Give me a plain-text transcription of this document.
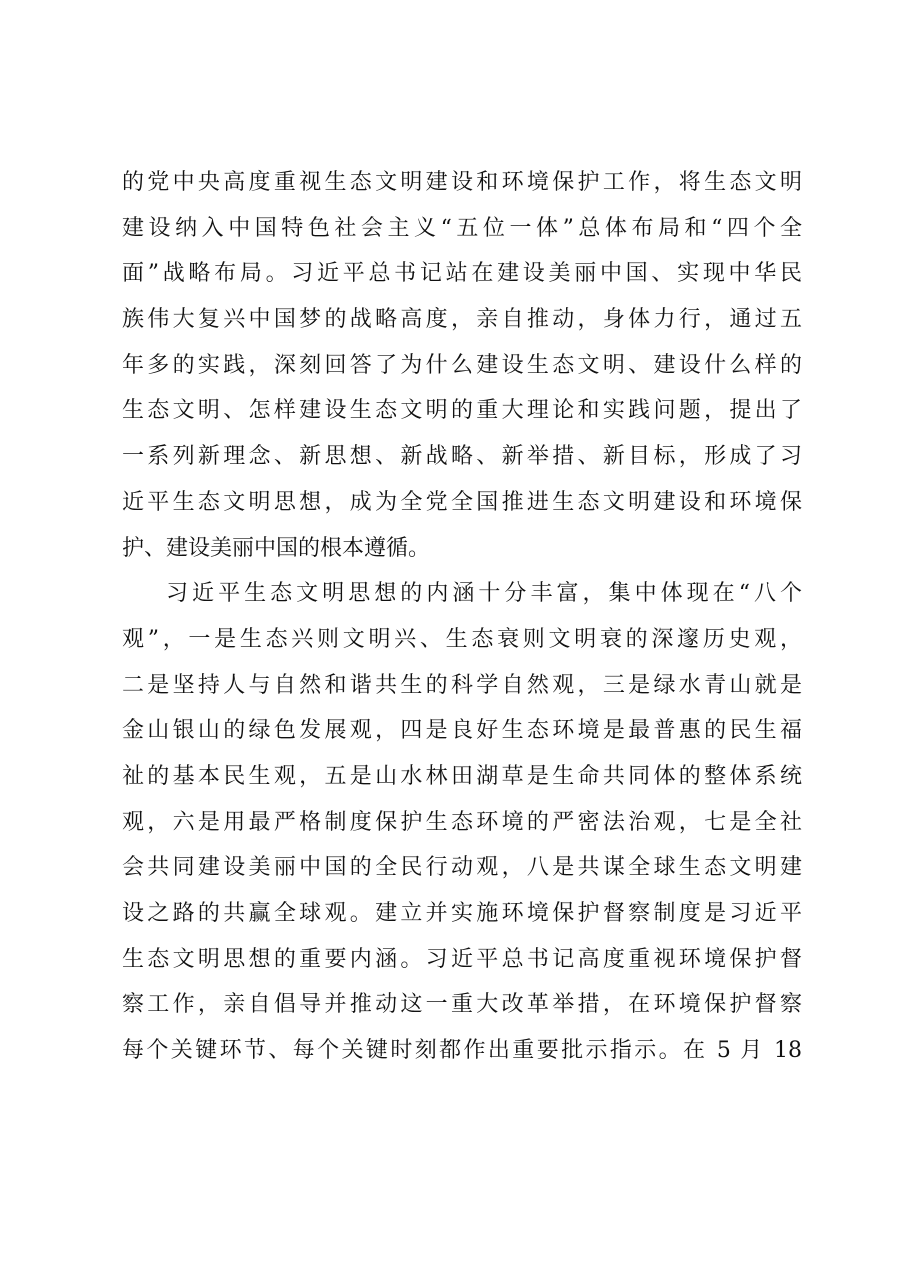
的党中央高度重视生态文明建设和环境保护工作，将生态文明
建设纳入中国特色社会主义“五位一体”总体布局和“四个全
面”战略布局。习近平总书记站在建设美丽中国、实现中华民
族伟大复兴中国梦的战略高度，亲自推动，身体力行，通过五
年多的实践，深刻回答了为什么建设生态文明、建设什么样的
生态文明、怎样建设生态文明的重大理论和实践问题，提出了
一系列新理念、新思想、新战略、新举措、新目标，形成了习
近平生态文明思想，成为全党全国推进生态文明建设和环境保
护、建设美丽中国的根本遵循。
习近平生态文明思想的内涵十分丰富，集中体现在“八个
观”，一是生态兴则文明兴、生态衰则文明衰的深邃历史观，
二是坚持人与自然和谐共生的科学自然观，三是绿水青山就是
金山银山的绿色发展观，四是良好生态环境是最普惠的民生福
祉的基本民生观，五是山水林田湖草是生命共同体的整体系统
观，六是用最严格制度保护生态环境的严密法治观，七是全社
会共同建设美丽中国的全民行动观，八是共谋全球生态文明建
设之路的共赢全球观。建立并实施环境保护督察制度是习近平
生态文明思想的重要内涵。习近平总书记高度重视环境保护督
察工作，亲自倡导并推动这一重大改革举措，在环境保护督察
每个关键环节、每个关键时刻都作出重要批示指示。在 5 月 18
